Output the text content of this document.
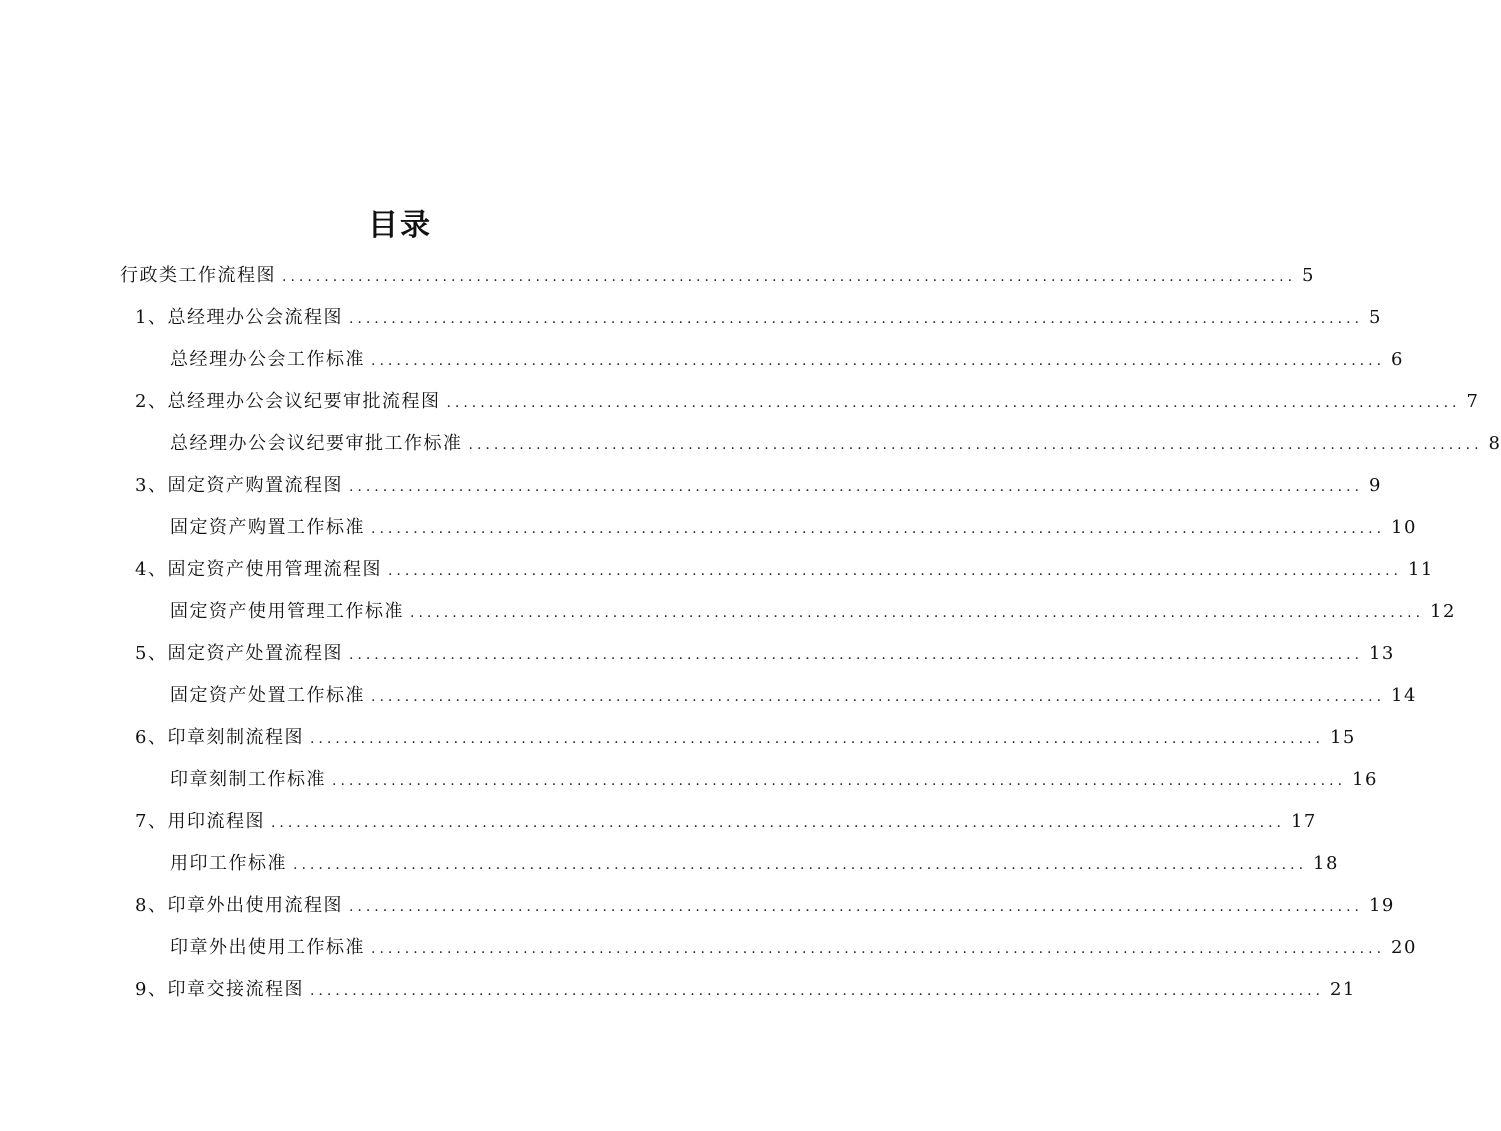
目录
行政类工作流程图 ........................................................................................................................ 5
1、 总经理办公会流程图 ........................................................................................................................ 5
总经理办公会工作标准 ........................................................................................................................ 6
2、 总经理办公会议纪要审批流程图 ........................................................................................................................ 7
总经理办公会议纪要审批工作标准 ........................................................................................................................ 8
3、 固定资产购置流程图 ........................................................................................................................ 9
固定资产购置工作标准 ........................................................................................................................ 10
4、 固定资产使用管理流程图 ........................................................................................................................ 11
固定资产使用管理工作标准 ........................................................................................................................ 12
5、 固定资产处置流程图 ........................................................................................................................ 13
固定资产处置工作标准 ........................................................................................................................ 14
6、 印章刻制流程图 ........................................................................................................................ 15
印章刻制工作标准 ........................................................................................................................ 16
7、 用印流程图 ........................................................................................................................ 17
用印工作标准 ........................................................................................................................ 18
8、 印章外出使用流程图 ........................................................................................................................ 19
印章外出使用工作标准 ........................................................................................................................ 20
9、 印章交接流程图 ........................................................................................................................ 21
